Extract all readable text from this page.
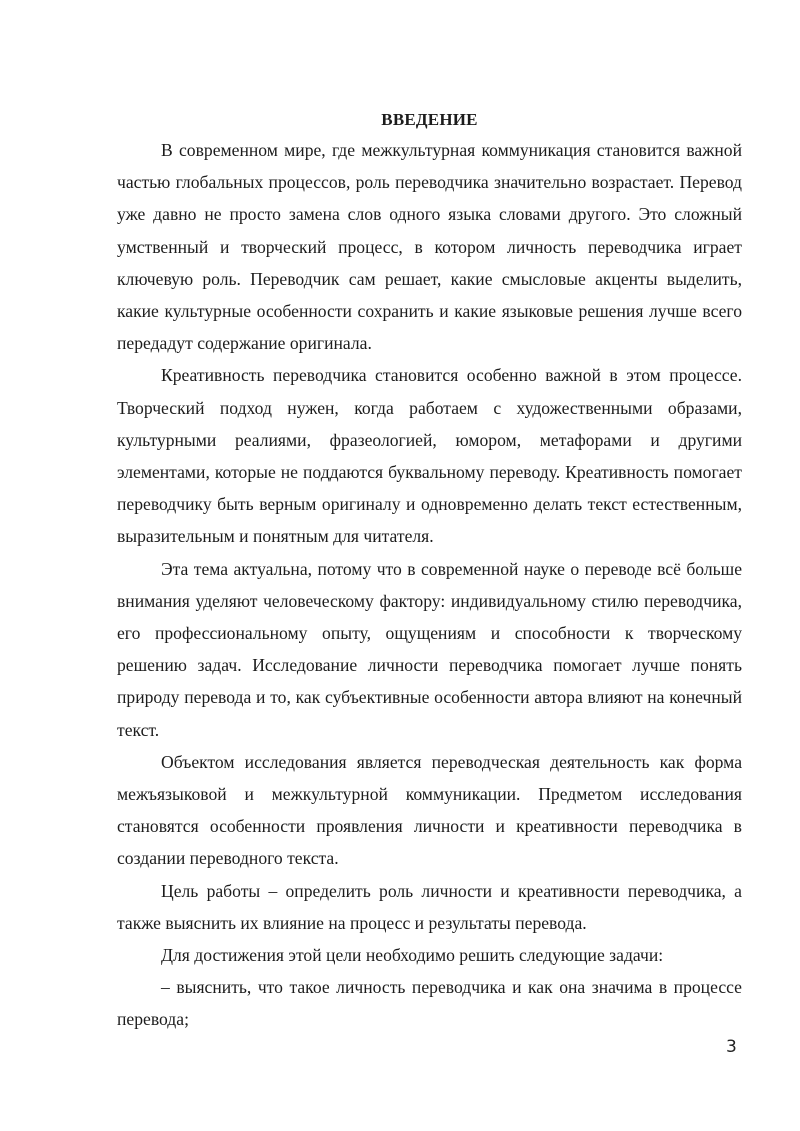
ВВЕДЕНИЕ

В современном мире, где межкультурная коммуникация становится важной частью глобальных процессов, роль переводчика значительно возрастает. Перевод уже давно не просто замена слов одного языка словами другого. Это сложный умственный и творческий процесс, в котором личность переводчика играет ключевую роль. Переводчик сам решает, какие смысловые акценты выделить, какие культурные особенности сохранить и какие языковые решения лучше всего передадут содержание оригинала.

Креативность переводчика становится особенно важной в этом процессе. Творческий подход нужен, когда работаем с художественными образами, культурными реалиями, фразеологией, юмором, метафорами и другими элементами, которые не поддаются буквальному переводу. Креативность помогает переводчику быть верным оригиналу и одновременно делать текст естественным, выразительным и понятным для читателя.

Эта тема актуальна, потому что в современной науке о переводе всё больше внимания уделяют человеческому фактору: индивидуальному стилю переводчика, его профессиональному опыту, ощущениям и способности к творческому решению задач. Исследование личности переводчика помогает лучше понять природу перевода и то, как субъективные особенности автора влияют на конечный текст.

Объектом исследования является переводческая деятельность как форма межъязыковой и межкультурной коммуникации. Предметом исследования становятся особенности проявления личности и креативности переводчика в создании переводного текста.

Цель работы – определить роль личности и креативности переводчика, а также выяснить их влияние на процесс и результаты перевода.

Для достижения этой цели необходимо решить следующие задачи:

– выяснить, что такое личность переводчика и как она значима в процессе перевода;

3
